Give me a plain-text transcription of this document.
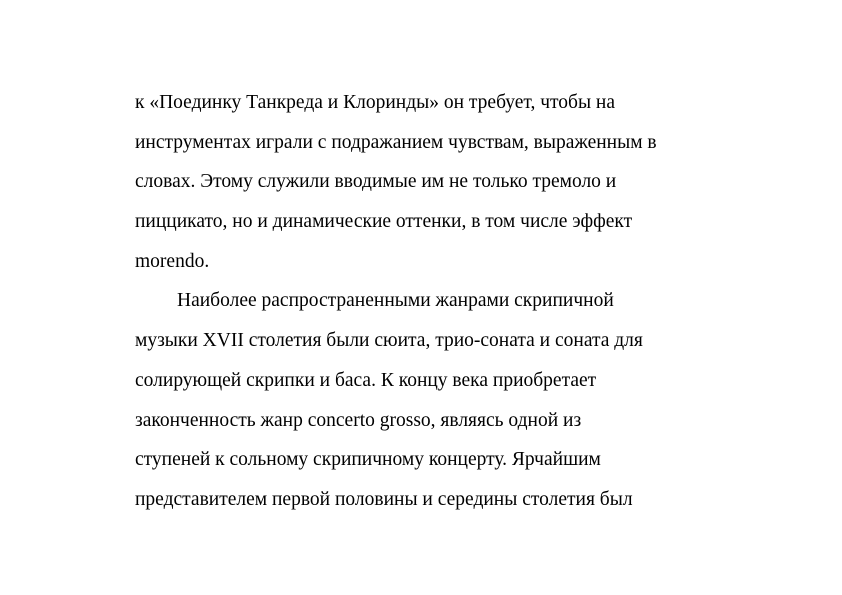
к «Поединку Танкреда и Клоринды» он требует, чтобы на
инструментах играли с подражанием чувствам, выраженным в
словах. Этому служили вводимые им не только тремоло и
пиццикато, но и динамические оттенки, в том числе эффект
morendo.
Наиболее распространенными жанрами скрипичной
музыки XVII столетия были сюита, трио-соната и соната для
солирующей скрипки и баса. К концу века приобретает
законченность жанр concerto grosso, являясь одной из
ступеней к сольному скрипичному концерту. Ярчайшим
представителем первой половины и середины столетия был
